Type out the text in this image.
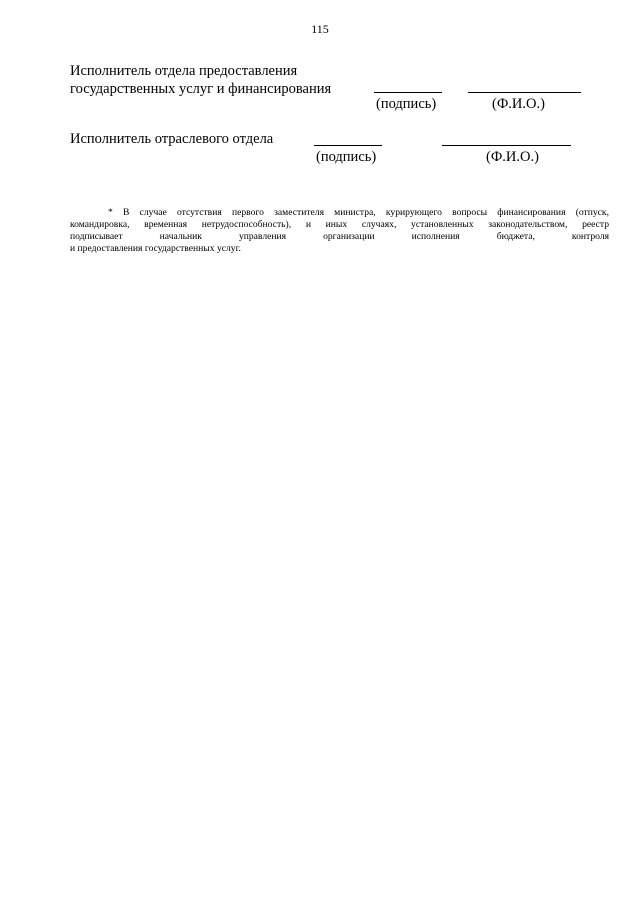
115
Исполнитель отдела предоставления
государственных услуг и финансирования
(подпись)	(Ф.И.О.)
Исполнитель отраслевого отдела
(подпись)	(Ф.И.О.)

* В случае отсутствия первого заместителя министра, курирующего вопросы финансирования (отпуск,

командировка, временная нетрудоспособность), и иных случаях, установленных законодательством, реестр

подписывает начальник управления организации исполнения бюджета, контроля

и предоставления государственных услуг.
